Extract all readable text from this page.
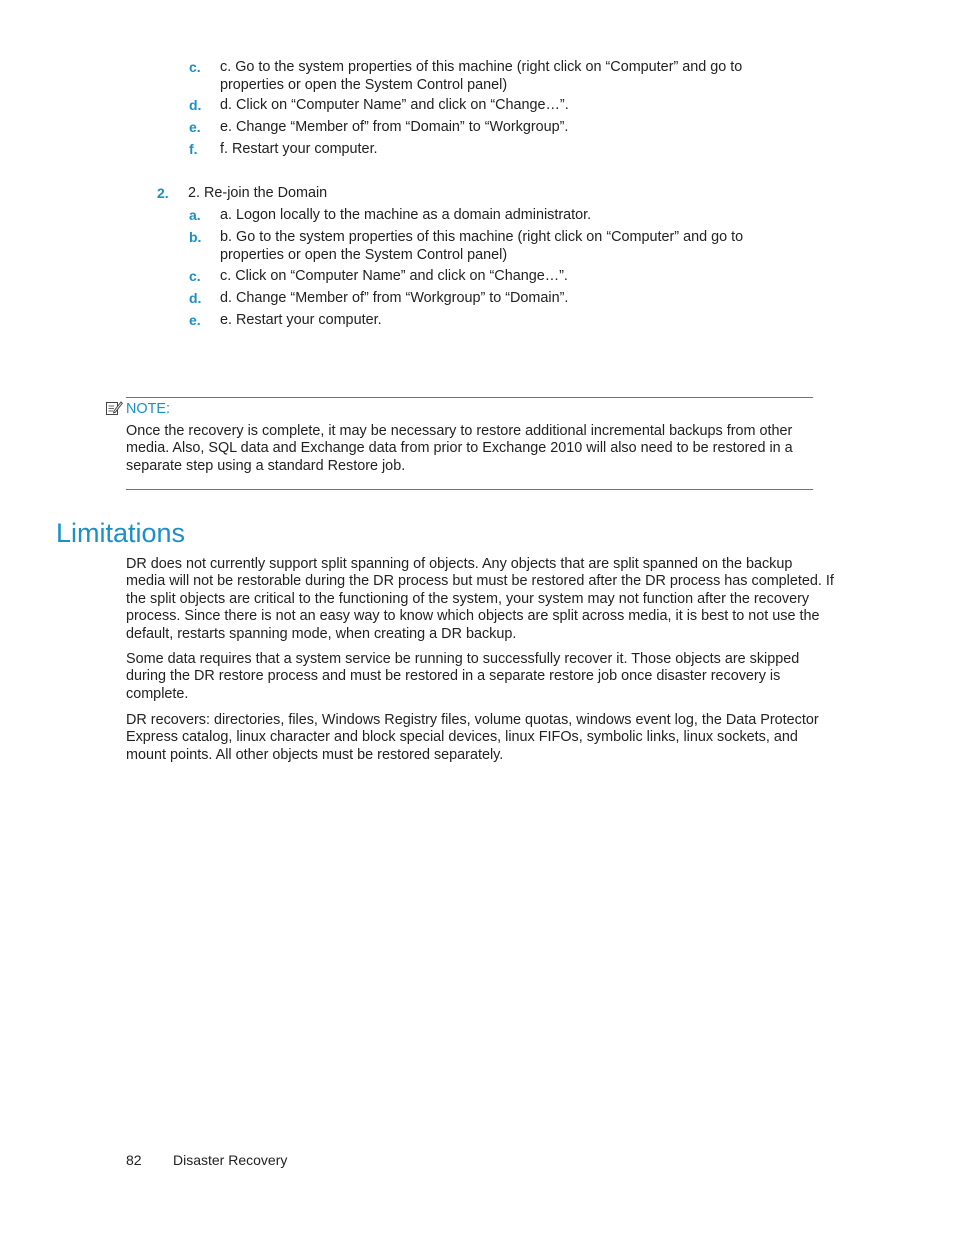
c. c. Go to the system properties of this machine (right click on “Computer” and go to properties or open the System Control panel)
d. d. Click on “Computer Name” and click on “Change…”.
e. e. Change “Member of” from “Domain” to “Workgroup”.
f. f. Restart your computer.
2. 2. Re-join the Domain
a. a. Logon locally to the machine as a domain administrator.
b. b. Go to the system properties of this machine (right click on “Computer” and go to properties or open the System Control panel)
c. c. Click on “Computer Name” and click on “Change…”.
d. d. Change “Member of” from “Workgroup” to “Domain”.
e. e. Restart your computer.
NOTE:
Once the recovery is complete, it may be necessary to restore additional incremental backups from other media. Also, SQL data and Exchange data from prior to Exchange 2010 will also need to be restored in a separate step using a standard Restore job.
Limitations
DR does not currently support split spanning of objects. Any objects that are split spanned on the backup media will not be restorable during the DR process but must be restored after the DR process has completed. If the split objects are critical to the functioning of the system, your system may not function after the recovery process. Since there is not an easy way to know which objects are split across media, it is best to not use the default, restarts spanning mode, when creating a DR backup.
Some data requires that a system service be running to successfully recover it. Those objects are skipped during the DR restore process and must be restored in a separate restore job once disaster recovery is complete.
DR recovers: directories, files, Windows Registry files, volume quotas, windows event log, the Data Protector Express catalog, linux character and block special devices, linux FIFOs, symbolic links, linux sockets, and mount points. All other objects must be restored separately.
82 Disaster Recovery
